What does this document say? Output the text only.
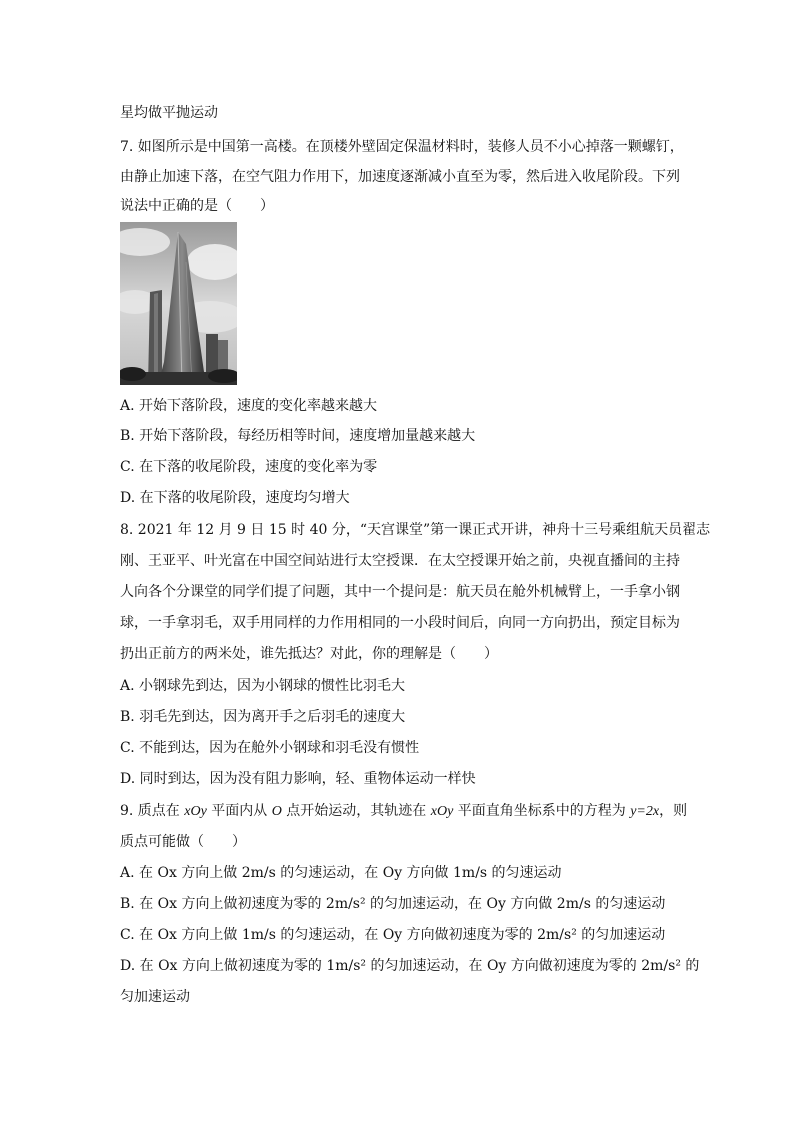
星均做平抛运动
7. 如图所示是中国第一高楼。在顶楼外壁固定保温材料时，装修人员不小心掉落一颗螺钉，
由静止加速下落，在空气阻力作用下，加速度逐渐减小直至为零，然后进入收尾阶段。下列
说法中正确的是（　　）
A. 开始下落阶段，速度的变化率越来越大
B. 开始下落阶段，每经历相等时间，速度增加量越来越大
C. 在下落的收尾阶段，速度的变化率为零
D. 在下落的收尾阶段，速度均匀增大
8. 2021 年 12 月 9 日 15 时 40 分，“天宫课堂”第一课正式开讲，神舟十三号乘组航天员翟志
刚、王亚平、叶光富在中国空间站进行太空授课．在太空授课开始之前，央视直播间的主持
人向各个分课堂的同学们提了问题，其中一个提问是：航天员在舱外机械臂上，一手拿小钢
球，一手拿羽毛，双手用同样的力作用相同的一小段时间后，向同一方向扔出，预定目标为
扔出正前方的两米处，谁先抵达？对此，你的理解是（　　）
A. 小钢球先到达，因为小钢球的惯性比羽毛大
B. 羽毛先到达，因为离开手之后羽毛的速度大
C. 不能到达，因为在舱外小钢球和羽毛没有惯性
D. 同时到达，因为没有阻力影响，轻、重物体运动一样快
9. 质点在 xOy 平面内从 O 点开始运动，其轨迹在 xOy 平面直角坐标系中的方程为 y=2x，则
质点可能做（　　）
A. 在 Ox 方向上做 2m/s 的匀速运动，在 Oy 方向做 1m/s 的匀速运动
B. 在 Ox 方向上做初速度为零的 2m/s² 的匀加速运动，在 Oy 方向做 2m/s 的匀速运动
C. 在 Ox 方向上做 1m/s 的匀速运动，在 Oy 方向做初速度为零的 2m/s² 的匀加速运动
D. 在 Ox 方向上做初速度为零的 1m/s² 的匀加速运动，在 Oy 方向做初速度为零的 2m/s² 的
匀加速运动
